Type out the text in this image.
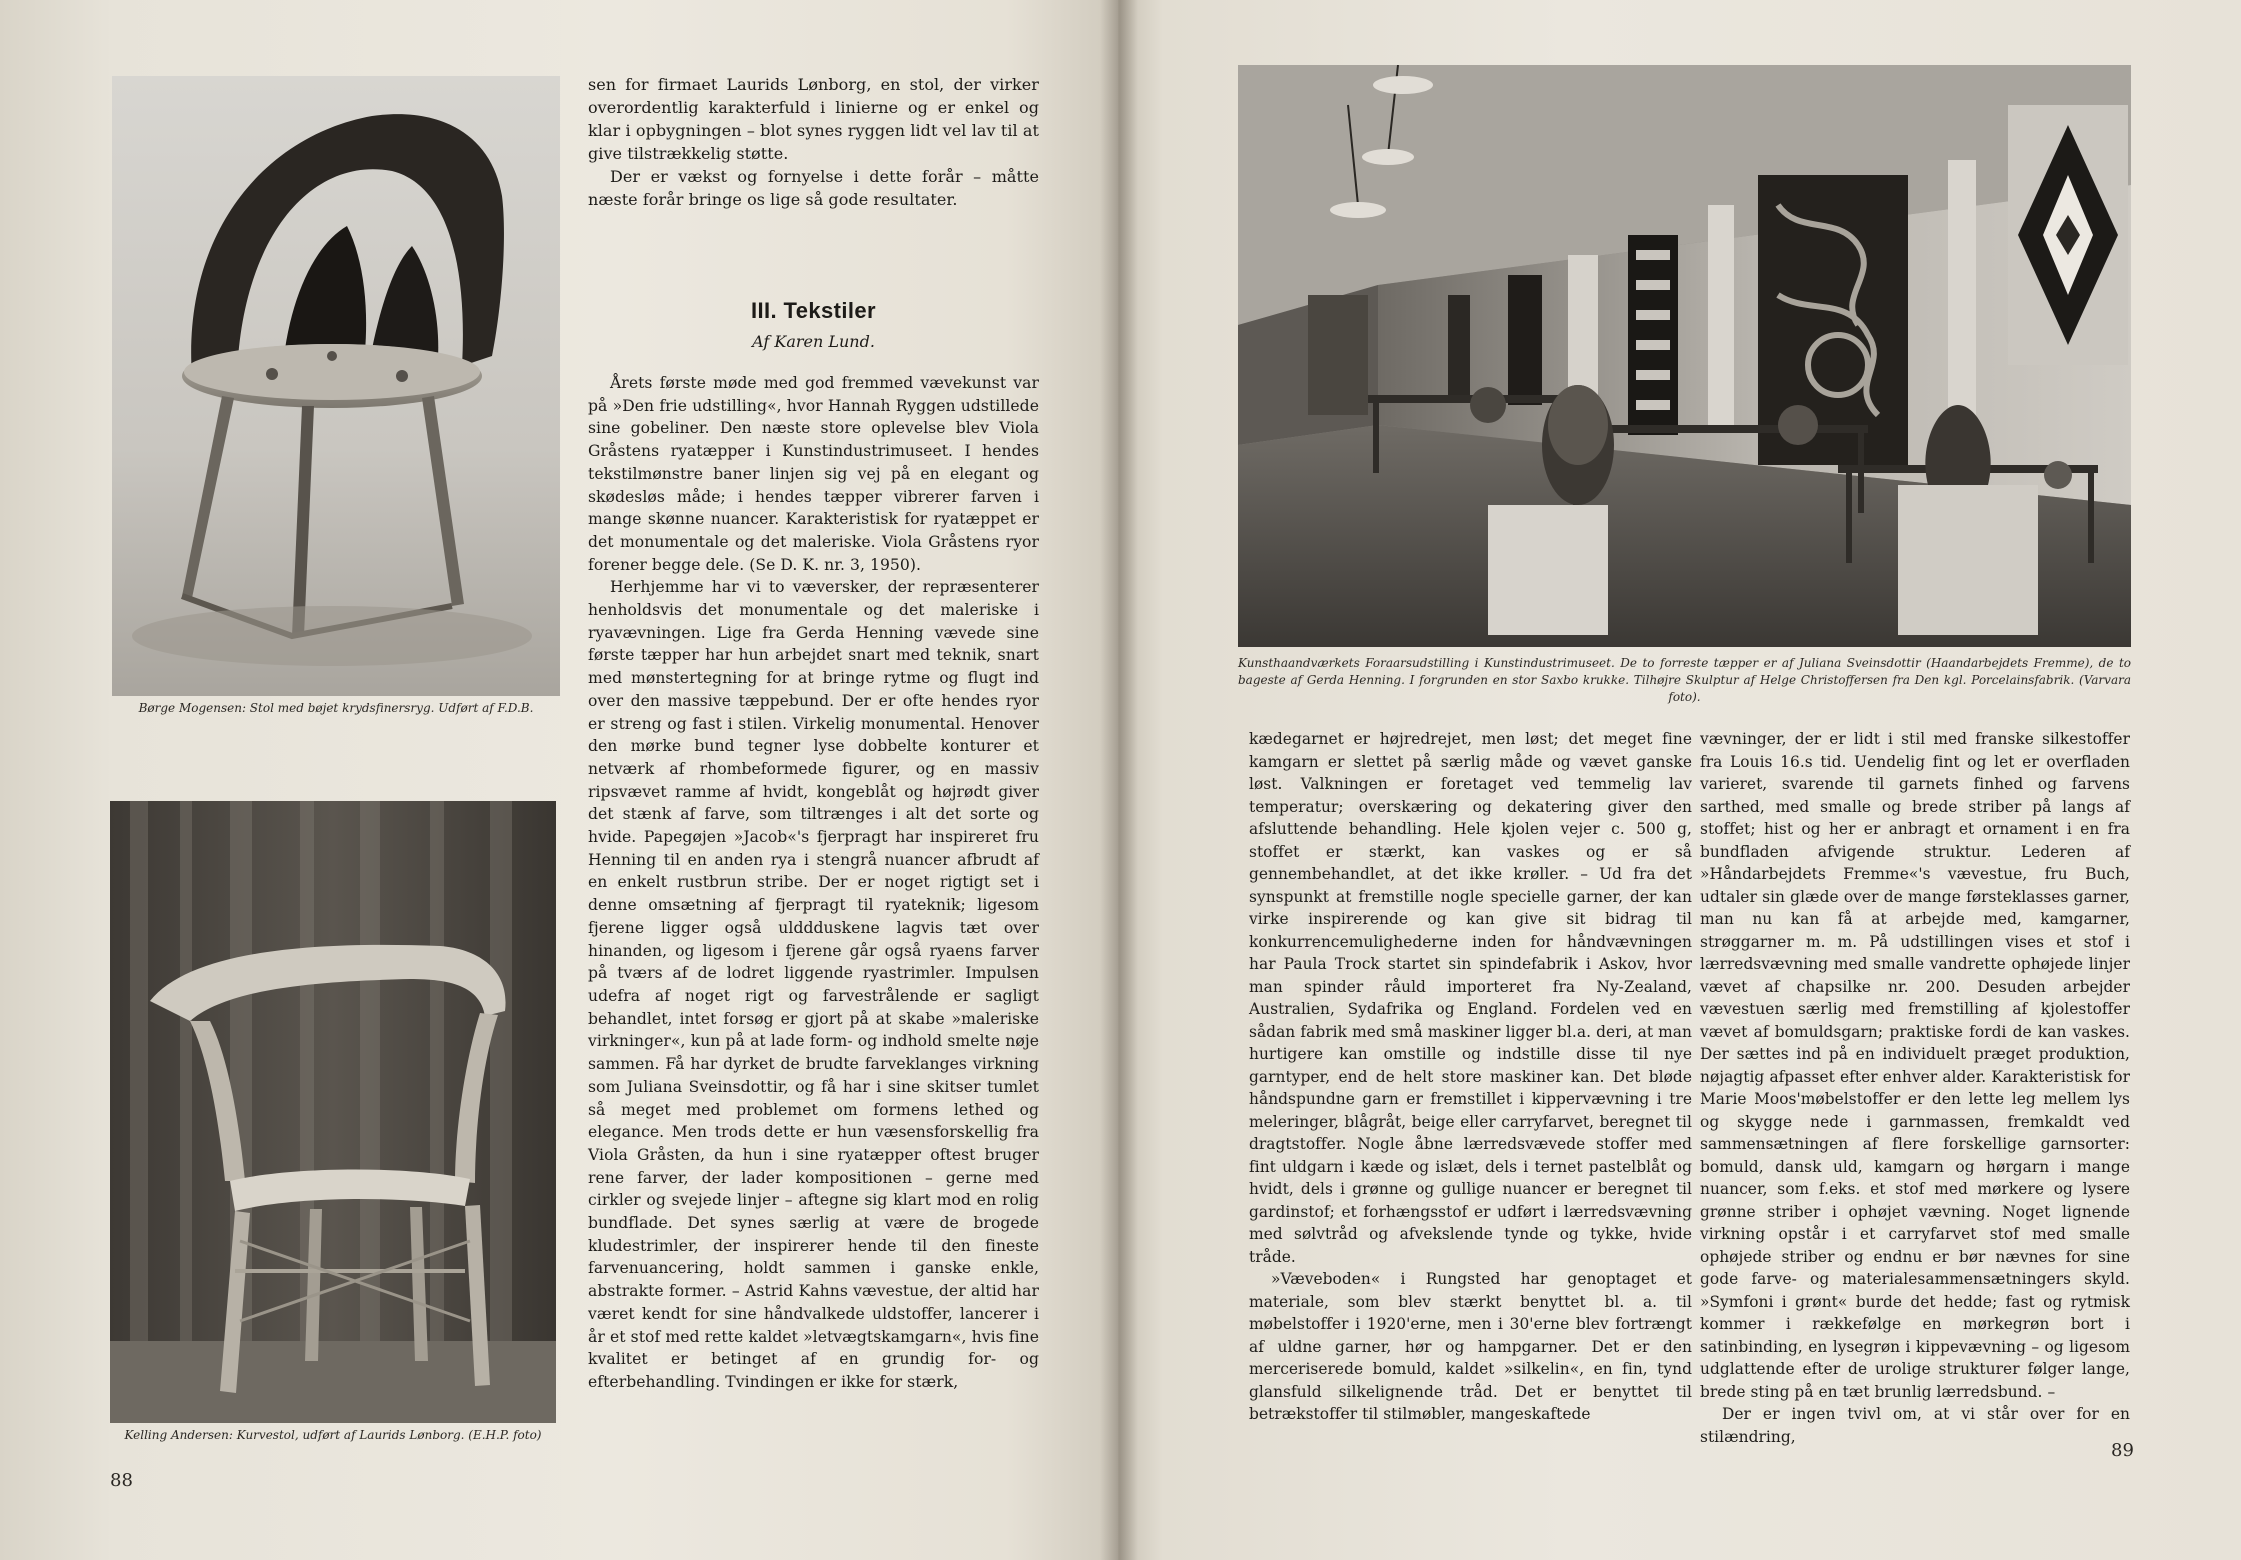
Børge Mogensen: Stol med bøjet krydsfinersryg. Udført af F.D.B.
Kelling Andersen: Kurvestol, udført af Laurids Lønborg. (E.H.P. foto)

sen for firmaet Laurids Lønborg, en stol, der virker overordentlig karakterfuld i linierne og er enkel og klar i opbygningen – blot synes ryggen lidt vel lav til at give tilstrækkelig støtte.

Der er vækst og fornyelse i dette forår – måtte næste forår bringe os lige så gode resultater.

III. Tekstiler
Af Karen Lund.

Årets første møde med god fremmed vævekunst var på »Den frie udstilling«, hvor Hannah Ryggen udstillede sine gobeliner. Den næste store oplevelse blev Viola Gråstens ryatæpper i Kunstindustrimuseet. I hendes tekstilmønstre baner linjen sig vej på en elegant og skødesløs måde; i hendes tæpper vibrerer farven i mange skønne nuancer. Karakteristisk for ryatæppet er det monumentale og det maleriske. Viola Gråstens ryor forener begge dele. (Se D. K. nr. 3, 1950).

Herhjemme har vi to væversker, der repræsenterer henholdsvis det monumentale og det maleriske i ryavævningen. Lige fra Gerda Henning vævede sine første tæpper har hun arbejdet snart med teknik, snart med mønstertegning for at bringe rytme og flugt ind over den massive tæppebund. Der er ofte hendes ryor er streng og fast i stilen. Virkelig monumental. Henover den mørke bund tegner lyse dobbelte konturer et netværk af rhombeformede figurer, og en massiv ripsvævet ramme af hvidt, kongeblåt og højrødt giver det stænk af farve, som tiltrænges i alt det sorte og hvide. Papegøjen »Jacob«'s fjerpragt har inspireret fru Henning til en anden rya i stengrå nuancer afbrudt af en enkelt rustbrun stribe. Der er noget rigtigt set i denne omsætning af fjerpragt til ryateknik; ligesom fjerene ligger også ulddduskene lagvis tæt over hinanden, og ligesom i fjerene går også ryaens farver på tværs af de lodret liggende ryastrimler. Impulsen udefra af noget rigt og farvestrålende er sagligt behandlet, intet forsøg er gjort på at skabe »maleriske virkninger«, kun på at lade form- og indhold smelte nøje sammen. Få har dyrket de brudte farveklanges virkning som Juliana Sveinsdottir, og få har i sine skitser tumlet så meget med problemet om formens lethed og elegance. Men trods dette er hun væsensforskellig fra Viola Gråsten, da hun i sine ryatæpper oftest bruger rene farver, der lader kompositionen – gerne med cirkler og svejede linjer – aftegne sig klart mod en rolig bundflade. Det synes særlig at være de brogede kludestrimler, der inspirerer hende til den fineste farvenuancering, holdt sammen i ganske enkle, abstrakte former. – Astrid Kahns vævestue, der altid har været kendt for sine håndvalkede uldstoffer, lancerer i år et stof med rette kaldet »letvægtskamgarn«, hvis fine kvalitet er betinget af en grundig for- og efterbehandling. Tvindingen er ikke for stærk,

88
Kunsthaandværkets Foraarsudstilling i Kunstindustrimuseet. De to forreste tæpper er af Juliana Sveinsdottir (Haandarbejdets Fremme), de to bageste af Gerda Henning. I forgrunden en stor Saxbo krukke. Tilhøjre Skulptur af Helge Christoffersen fra Den kgl. Porcelainsfabrik. (Varvara foto).

kædegarnet er højredrejet, men løst; det meget fine kamgarn er slettet på særlig måde og vævet ganske løst. Valkningen er foretaget ved temmelig lav temperatur; overskæring og dekatering giver den afsluttende behandling. Hele kjolen vejer c. 500 g, stoffet er stærkt, kan vaskes og er så gennembehandlet, at det ikke krøller. – Ud fra det synspunkt at fremstille nogle specielle garner, der kan virke inspirerende og kan give sit bidrag til konkurrencemulighederne inden for håndvævningen har Paula Trock startet sin spindefabrik i Askov, hvor man spinder råuld importeret fra Ny-Zealand, Australien, Sydafrika og England. Fordelen ved en sådan fabrik med små maskiner ligger bl.a. deri, at man hurtigere kan omstille og indstille disse til nye garntyper, end de helt store maskiner kan. Det bløde håndspundne garn er fremstillet i kippervævning i tre meleringer, blågråt, beige eller carryfarvet, beregnet til dragtstoffer. Nogle åbne lærredsvævede stoffer med fint uldgarn i kæde og islæt, dels i ternet pastelblåt og hvidt, dels i grønne og gullige nuancer er beregnet til gardinstof; et forhængsstof er udført i lærredsvævning med sølvtråd og afvekslende tynde og tykke, hvide tråde.

»Væveboden« i Rungsted har genoptaget et materiale, som blev stærkt benyttet bl. a. til møbelstoffer i 1920'erne, men i 30'erne blev fortrængt af uldne garner, hør og hampgarner. Det er den merceriserede bomuld, kaldet »silkelin«, en fin, tynd glansfuld silkelignende tråd. Det er benyttet til betrækstoffer til stilmøbler, mangeskaftede

vævninger, der er lidt i stil med franske silkestoffer fra Louis 16.s tid. Uendelig fint og let er overfladen varieret, svarende til garnets finhed og farvens sarthed, med smalle og brede striber på langs af stoffet; hist og her er anbragt et ornament i en fra bundfladen afvigende struktur. Lederen af »Håndarbejdets Fremme«'s vævestue, fru Buch, udtaler sin glæde over de mange førsteklasses garner, man nu kan få at arbejde med, kamgarner, strøggarner m. m. På udstillingen vises et stof i lærredsvævning med smalle vandrette ophøjede linjer vævet af chapsilke nr. 200. Desuden arbejder vævestuen særlig med fremstilling af kjolestoffer vævet af bomuldsgarn; praktiske fordi de kan vaskes. Der sættes ind på en individuelt præget produktion, nøjagtig afpasset efter enhver alder. Karakteristisk for Marie Moos'møbelstoffer er den lette leg mellem lys og skygge nede i garnmassen, fremkaldt ved sammensætningen af flere forskellige garnsorter: bomuld, dansk uld, kamgarn og hørgarn i mange nuancer, som f.eks. et stof med mørkere og lysere grønne striber i ophøjet vævning. Noget lignende virkning opstår i et carryfarvet stof med smalle ophøjede striber og endnu er bør nævnes for sine gode farve- og materialesammensætningers skyld. »Symfoni i grønt« burde det hedde; fast og rytmisk kommer i rækkefølge en mørkegrøn bort i satinbinding, en lysegrøn i kippevævning – og ligesom udglattende efter de urolige strukturer følger lange, brede sting på en tæt brunlig lærredsbund. –

Der er ingen tvivl om, at vi står over for en stilændring,

89
